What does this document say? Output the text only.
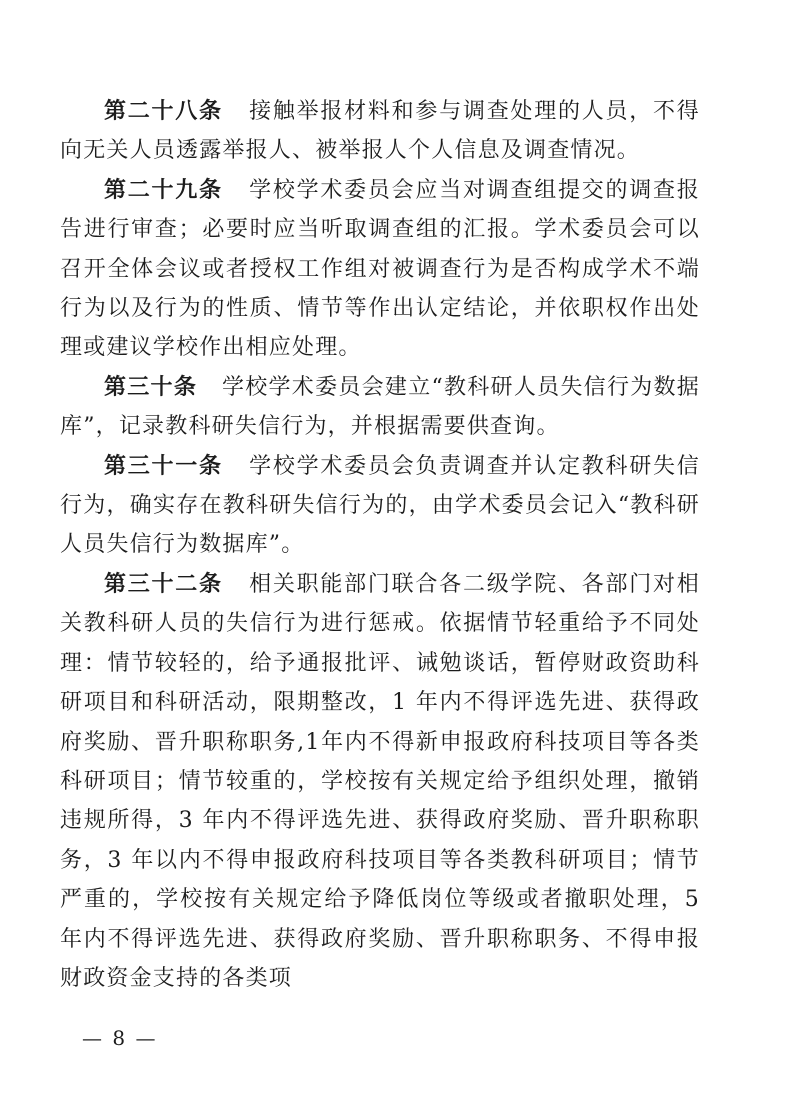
第二十八条 接触举报材料和参与调查处理的人员，不得向无关人员透露举报人、被举报人个人信息及调查情况。

第二十九条 学校学术委员会应当对调查组提交的调查报告进行审查；必要时应当听取调查组的汇报。学术委员会可以召开全体会议或者授权工作组对被调查行为是否构成学术不端行为以及行为的性质、情节等作出认定结论，并依职权作出处理或建议学校作出相应处理。

第三十条 学校学术委员会建立“教科研人员失信行为数据库”，记录教科研失信行为，并根据需要供查询。

第三十一条 学校学术委员会负责调查并认定教科研失信行为，确实存在教科研失信行为的，由学术委员会记入“教科研人员失信行为数据库”。

第三十二条 相关职能部门联合各二级学院、各部门对相关教科研人员的失信行为进行惩戒。依据情节轻重给予不同处理：情节较轻的，给予通报批评、诫勉谈话，暂停财政资助科研项目和科研活动，限期整改，1 年内不得评选先进、获得政府奖励、晋升职称职务,1年内不得新申报政府科技项目等各类科研项目；情节较重的，学校按有关规定给予组织处理，撤销违规所得，3 年内不得评选先进、获得政府奖励、晋升职称职务，3 年以内不得申报政府科技项目等各类教科研项目；情节严重的，学校按有关规定给予降低岗位等级或者撤职处理，5 年内不得评选先进、获得政府奖励、晋升职称职务、不得申报财政资金支持的各类项

— 8 —
